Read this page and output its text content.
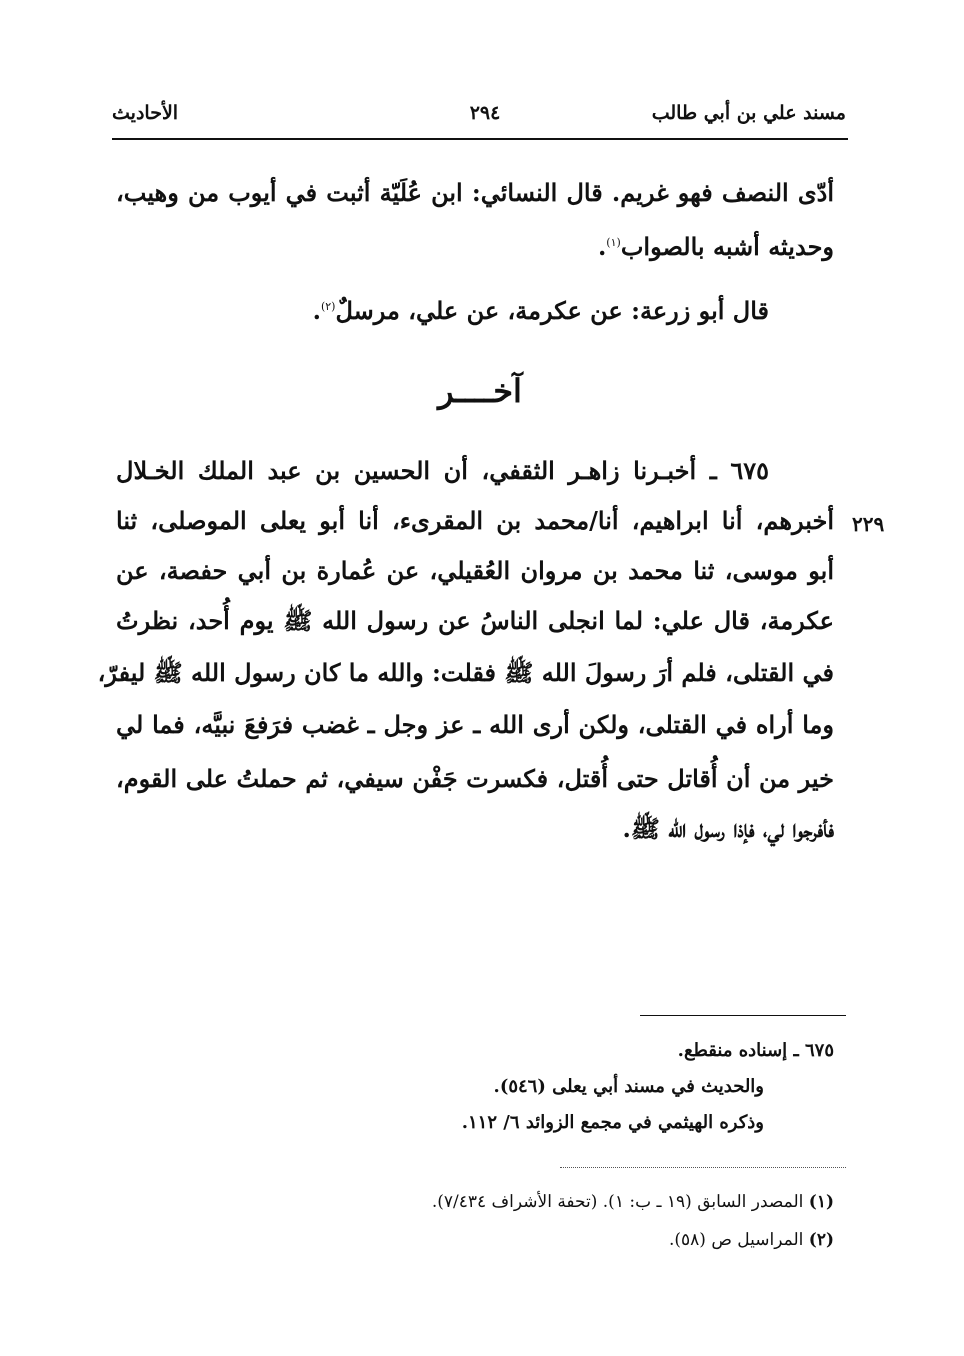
مسند علي بن أبي طالب
٢٩٤
الأحاديث
أدّى النصف فهو غريم. قال النسائي: ابن عُلَيّة أثبت في أيوب من وهيب،
وحديثه أشبه بالصواب$^{(١)}$.
قال أبو زرعة: عن عكرمة، عن علي، مرسلٌ$^{(٢)}$.
آخــــر
٢٢٩
٦٧٥ ـ أخبـرنا زاهـر الثقفي، أن الحسين بن عبد الملك الخـلال
أخبرهم، أنا ابراهيم، أنا/محمد بن المقرىء، أنا أبو يعلى الموصلى، ثنا
أبو موسى، ثنا محمد بن مروان العُقيلي، عن عُمارة بن أبي حفصة، عن
عكرمة، قال علي: لما انجلى الناسُ عن رسول الله ﷺ يوم أُحد، نظرتُ
في القتلى، فلم أرَ رسولَ الله ﷺ فقلت: والله ما كان رسول الله ﷺ ليفرّ،
وما أراه في القتلى، ولكن أرى الله ـ عز وجل ـ غضب فرَفعَ نبيَّه، فما لي
خير من أن أُقاتل حتى أُقتل، فكسرت جَفْن سيفي، ثم حملتُ على القوم،
فأفرجوا لي، فإذا رسول الله ﷺ.
٦٧٥ ـ إسناده منقطع.
والحديث في مسند أبي يعلى (٥٤٦).
وذكره الهيثمي في مجمع الزوائد ٦/ ١١٢.
(١) المصدر السابق (١٩ ـ ب: ١). (تحفة الأشراف ٧/٤٣٤).
(٢) المراسيل ص (٥٨).
